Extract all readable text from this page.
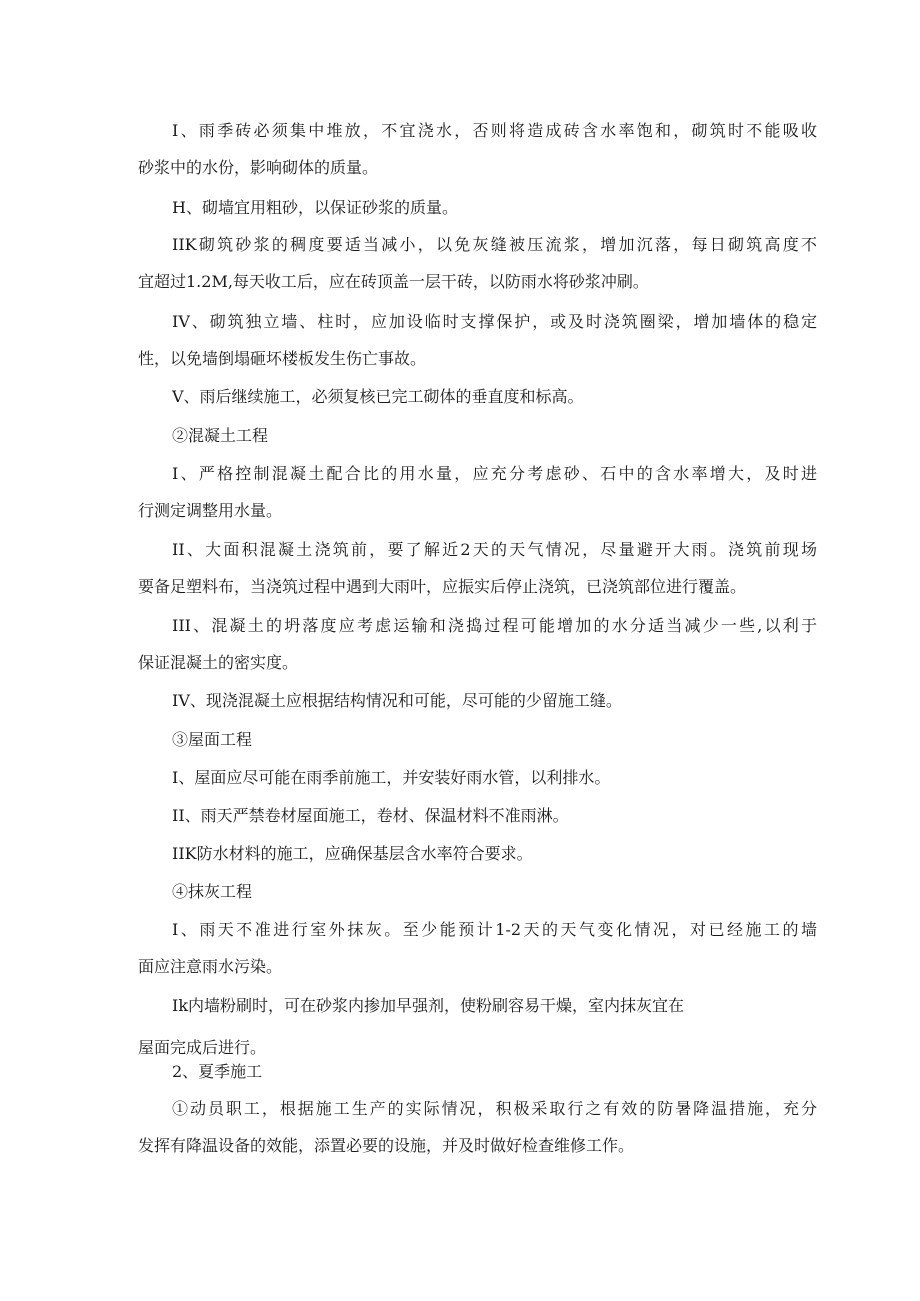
I、雨季砖必须集中堆放，不宜浇水，否则将造成砖含水率饱和，砌筑时不能吸收
砂浆中的水份，影响砌体的质量。
H、砌墙宜用粗砂，以保证砂浆的质量。
IIK砌筑砂浆的稠度要适当减小，以免灰缝被压流浆，增加沉落，每日砌筑高度不
宜超过1.2M,每天收工后，应在砖顶盖一层干砖，以防雨水将砂浆冲刷。
IV、砌筑独立墙、柱时，应加设临时支撑保护，或及时浇筑圈梁，增加墙体的稳定
性，以免墙倒塌砸坏楼板发生伤亡事故。
V、雨后继续施工，必须复核已完工砌体的垂直度和标高。
②混凝土工程
I、严格控制混凝土配合比的用水量，应充分考虑砂、石中的含水率增大，及时进
行测定调整用水量。
II、大面积混凝土浇筑前，要了解近2天的天气情况，尽量避开大雨。浇筑前现场
要备足塑料布，当浇筑过程中遇到大雨叶，应振实后停止浇筑，已浇筑部位进行覆盖。
III、混凝土的坍落度应考虑运输和浇捣过程可能增加的水分适当减少一些,以利于
保证混凝土的密实度。
IV、现浇混凝土应根据结构情况和可能，尽可能的少留施工缝。
③屋面工程
I、屋面应尽可能在雨季前施工，并安装好雨水管，以利排水。
II、雨天严禁卷材屋面施工，卷材、保温材料不准雨淋。
IIK防水材料的施工，应确保基层含水率符合要求。
④抹灰工程
I、雨天不准进行室外抹灰。至少能预计1-2天的天气变化情况，对已经施工的墙
面应注意雨水污染。
Ik内墙粉刷时，可在砂浆内掺加早强剂，使粉刷容易干燥，室内抹灰宜在
屋面完成后进行。
2、夏季施工
①动员职工，根据施工生产的实际情况，积极采取行之有效的防暑降温措施，充分
发挥有降温设备的效能，添置必要的设施，并及时做好检查维修工作。
